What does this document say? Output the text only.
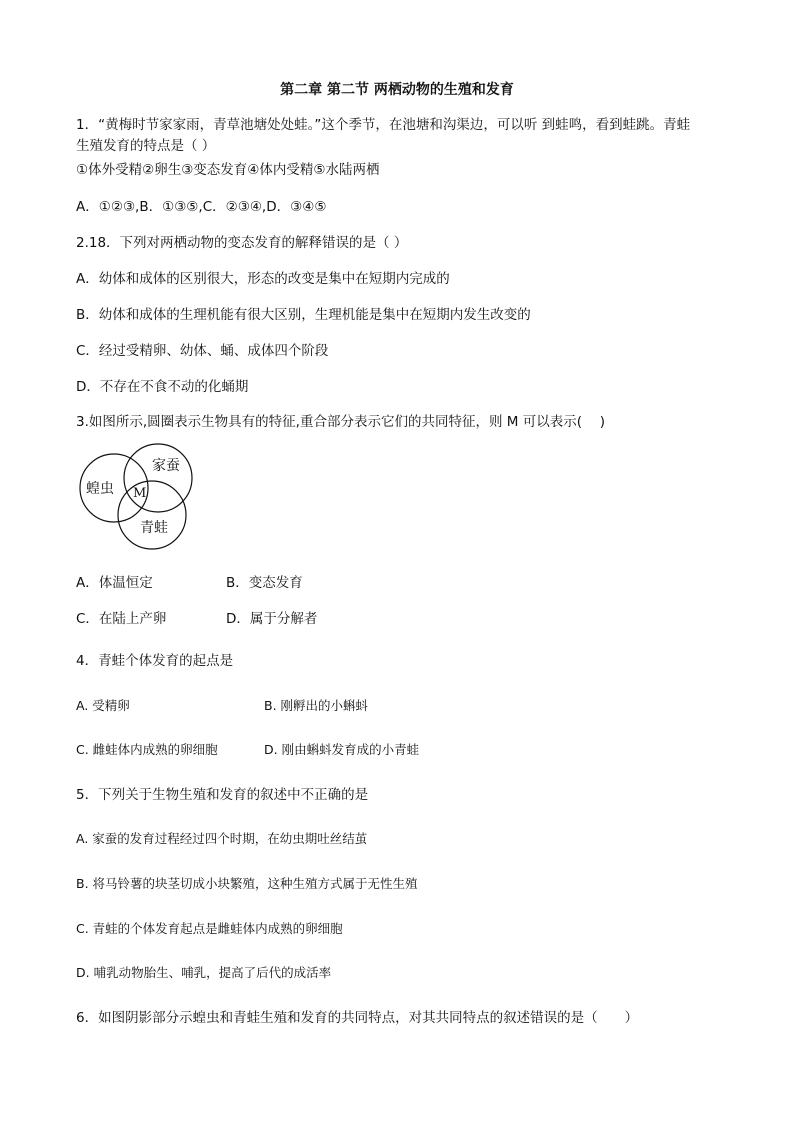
第二章 第二节 两栖动物的生殖和发育
1．“黄梅时节家家雨，青草池塘处处蛙。”这个季节，在池塘和沟渠边，可以听 到蛙鸣，看到蛙跳。青蛙
生殖发育的特点是（ ）
①体外受精②卵生③变态发育④体内受精⑤水陆两栖
A．①②③,B．①③⑤,C．②③④,D．③④⑤
2.18．下列对两栖动物的变态发育的解释错误的是（ ）
A．幼体和成体的区别很大，形态的改变是集中在短期内完成的
B．幼体和成体的生理机能有很大区别，生理机能是集中在短期内发生改变的
C．经过受精卵、幼体、蛹、成体四个阶段
D．不存在不食不动的化蛹期
3.如图所示,圆圈表示生物具有的特征,重合部分表示它们的共同特征，则 M 可以表示(　 )
蝗虫
家蚕
青蛙
M
A．体温恒定	B．变态发育
C．在陆上产卵	D．属于分解者
4．青蛙个体发育的起点是
A. 受精卵	B. 刚孵出的小蝌蚪
C. 雌蛙体内成熟的卵细胞	D. 刚由蝌蚪发育成的小青蛙
5．下列关于生物生殖和发育的叙述中不正确的是
A. 家蚕的发育过程经过四个时期，在幼虫期吐丝结茧
B. 将马铃薯的块茎切成小块繁殖，这种生殖方式属于无性生殖
C. 青蛙的个体发育起点是雌蛙体内成熟的卵细胞
D. 哺乳动物胎生、哺乳，提高了后代的成活率
6．如图阴影部分示蝗虫和青蛙生殖和发育的共同特点，对其共同特点的叙述错误的是（　　）
